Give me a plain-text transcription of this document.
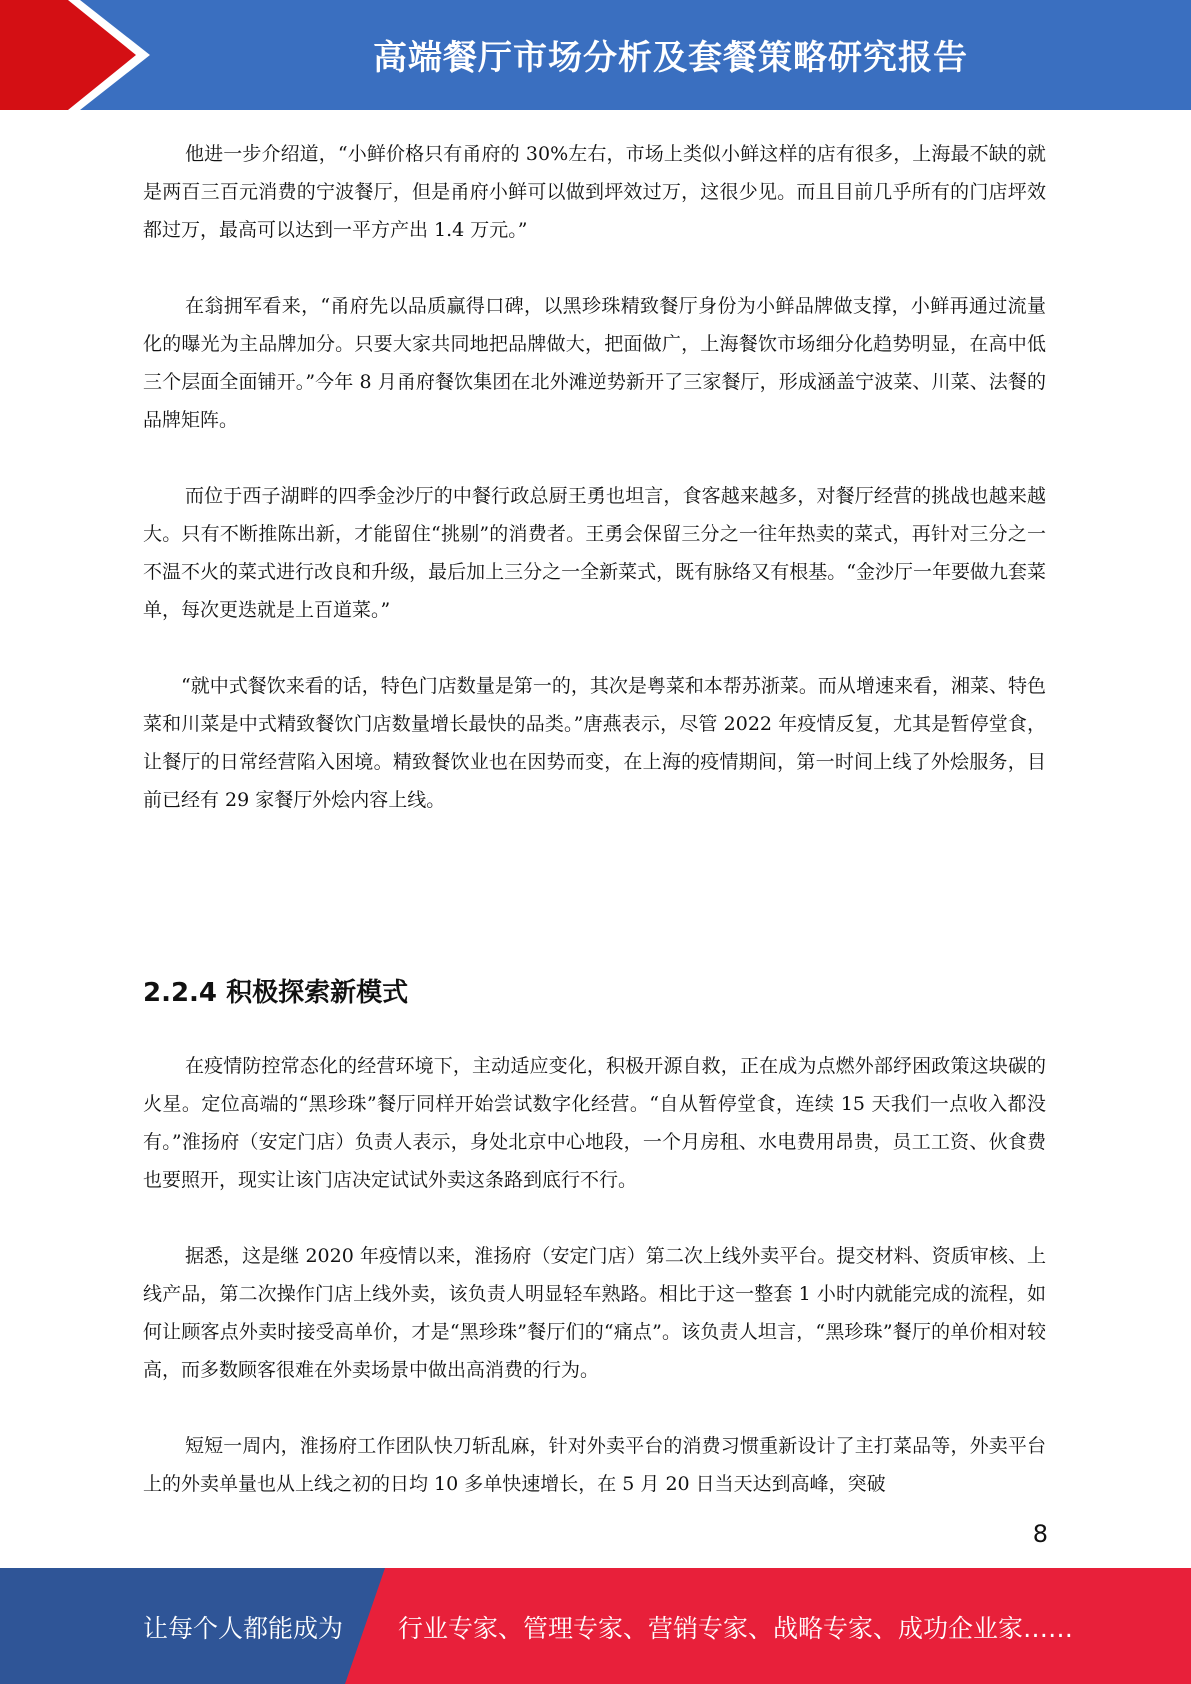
高端餐厅市场分析及套餐策略研究报告

他进一步介绍道，“小鲜价格只有甬府的 30%左右，市场上类似小鲜这样的店有很多，上海最不缺的就是两百三百元消费的宁波餐厅，但是甬府小鲜可以做到坪效过万，这很少见。而且目前几乎所有的门店坪效都过万，最高可以达到一平方产出 1.4 万元。”

在翁拥军看来，“甬府先以品质赢得口碑，以黑珍珠精致餐厅身份为小鲜品牌做支撑，小鲜再通过流量化的曝光为主品牌加分。只要大家共同地把品牌做大，把面做广，上海餐饮市场细分化趋势明显，在高中低三个层面全面铺开。”今年 8 月甬府餐饮集团在北外滩逆势新开了三家餐厅，形成涵盖宁波菜、川菜、法餐的品牌矩阵。

而位于西子湖畔的四季金沙厅的中餐行政总厨王勇也坦言，食客越来越多，对餐厅经营的挑战也越来越大。只有不断推陈出新，才能留住“挑剔”的消费者。王勇会保留三分之一往年热卖的菜式，再针对三分之一不温不火的菜式进行改良和升级，最后加上三分之一全新菜式，既有脉络又有根基。“金沙厅一年要做九套菜单，每次更迭就是上百道菜。”

“就中式餐饮来看的话，特色门店数量是第一的，其次是粤菜和本帮苏浙菜。而从增速来看，湘菜、特色菜和川菜是中式精致餐饮门店数量增长最快的品类。”唐燕表示，尽管 2022 年疫情反复，尤其是暂停堂食，让餐厅的日常经营陷入困境。精致餐饮业也在因势而变，在上海的疫情期间，第一时间上线了外烩服务，目前已经有 29 家餐厅外烩内容上线。

2.2.4 积极探索新模式

在疫情防控常态化的经营环境下，主动适应变化，积极开源自救，正在成为点燃外部纾困政策这块碳的火星。定位高端的“黑珍珠”餐厅同样开始尝试数字化经营。“自从暂停堂食，连续 15 天我们一点收入都没有。”淮扬府（安定门店）负责人表示，身处北京中心地段，一个月房租、水电费用昂贵，员工工资、伙食费也要照开，现实让该门店决定试试外卖这条路到底行不行。

据悉，这是继 2020 年疫情以来，淮扬府（安定门店）第二次上线外卖平台。提交材料、资质审核、上线产品，第二次操作门店上线外卖，该负责人明显轻车熟路。相比于这一整套 1 小时内就能完成的流程，如何让顾客点外卖时接受高单价，才是“黑珍珠”餐厅们的“痛点”。该负责人坦言，“黑珍珠”餐厅的单价相对较高，而多数顾客很难在外卖场景中做出高消费的行为。

短短一周内，淮扬府工作团队快刀斩乱麻，针对外卖平台的消费习惯重新设计了主打菜品等，外卖平台上的外卖单量也从上线之初的日均 10 多单快速增长，在 5 月 20 日当天达到高峰，突破

8
让每个人都能成为 行业专家、管理专家、营销专家、战略专家、成功企业家……
